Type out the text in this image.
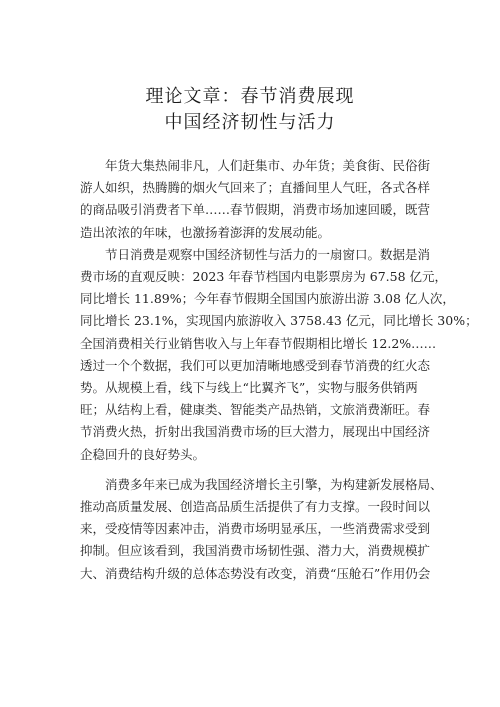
理论文章：春节消费展现
中国经济韧性与活力

　　年货大集热闹非凡，人们赶集市、办年货；美食街、民俗街
游人如织，热腾腾的烟火气回来了；直播间里人气旺，各式各样
的商品吸引消费者下单……春节假期，消费市场加速回暖，既营
造出浓浓的年味，也激扬着澎湃的发展动能。

　　节日消费是观察中国经济韧性与活力的一扇窗口。数据是消
费市场的直观反映：2023 年春节档国内电影票房为 67.58 亿元，
同比增长 11.89%；今年春节假期全国国内旅游出游 3.08 亿人次，
同比增长 23.1%，实现国内旅游收入 3758.43 亿元，同比增长 30%；
全国消费相关行业销售收入与上年春节假期相比增长 12.2%……
透过一个个数据，我们可以更加清晰地感受到春节消费的红火态
势。从规模上看，线下与线上“比翼齐飞”，实物与服务供销两
旺；从结构上看，健康类、智能类产品热销，文旅消费渐旺。春
节消费火热，折射出我国消费市场的巨大潜力，展现出中国经济
企稳回升的良好势头。

　　消费多年来已成为我国经济增长主引擎，为构建新发展格局、
推动高质量发展、创造高品质生活提供了有力支撑。一段时间以
来，受疫情等因素冲击，消费市场明显承压，一些消费需求受到
抑制。但应该看到，我国消费市场韧性强、潜力大，消费规模扩
大、消费结构升级的总体态势没有改变，消费“压舱石”作用仍会
